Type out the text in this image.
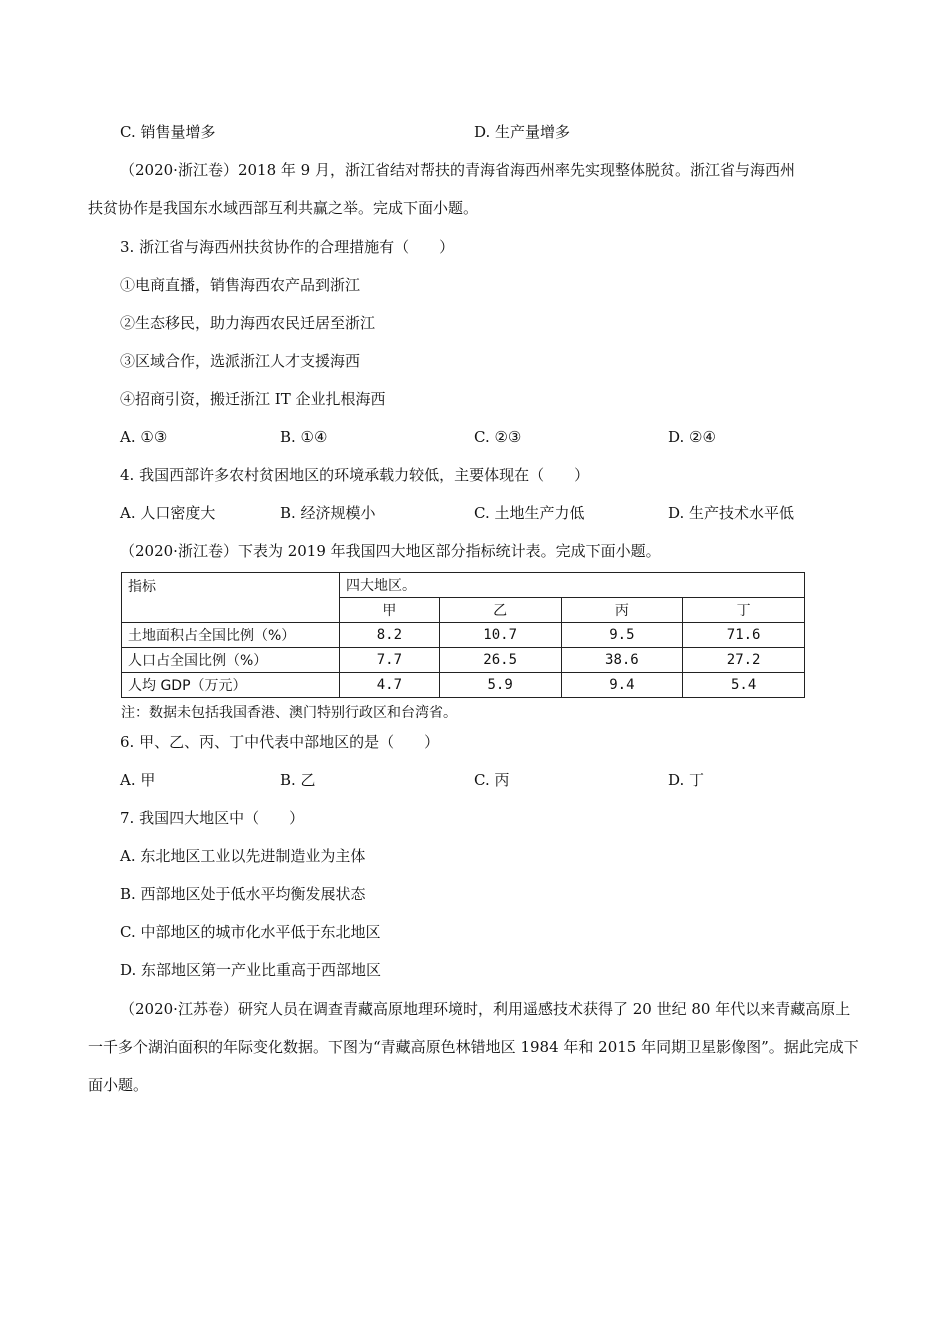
C. 销售量增多	D. 生产量增多
（2020·浙江卷）2018 年 9 月，浙江省结对帮扶的青海省海西州率先实现整体脱贫。浙江省与海西州
扶贫协作是我国东水域西部互利共赢之举。完成下面小题。
3. 浙江省与海西州扶贫协作的合理措施有（　　）
①电商直播，销售海西农产品到浙江
②生态移民，助力海西农民迁居至浙江
③区域合作，选派浙江人才支援海西
④招商引资，搬迁浙江 IT 企业扎根海西
A. ①③	B. ①④	C. ②③	D. ②④
4. 我国西部许多农村贫困地区的环境承载力较低，主要体现在（　　）
A. 人口密度大	B. 经济规模小	C. 土地生产力低	D. 生产技术水平低
（2020·浙江卷）下表为 2019 年我国四大地区部分指标统计表。完成下面小题。
指标	四大地区。			
	甲	乙	丙	丁
土地面积占全国比例（%）	8.2	10.7	9.5	71.6
人口占全国比例（%）	7.7	26.5	38.6	27.2
人均 GDP（万元）	4.7	5.9	9.4	5.4
注：数据未包括我国香港、澳门特别行政区和台湾省。
6. 甲、乙、丙、丁中代表中部地区的是（　　）
A. 甲	B. 乙	C. 丙	D. 丁
7. 我国四大地区中（　　）
A. 东北地区工业以先进制造业为主体
B. 西部地区处于低水平均衡发展状态
C. 中部地区的城市化水平低于东北地区
D. 东部地区第一产业比重高于西部地区
（2020·江苏卷）研究人员在调查青藏高原地理环境时，利用遥感技术获得了 20 世纪 80 年代以来青藏高原上一千多个湖泊面积的年际变化数据。下图为“青藏高原色林错地区 1984 年和 2015 年同期卫星影像图”。据此完成下面小题。
